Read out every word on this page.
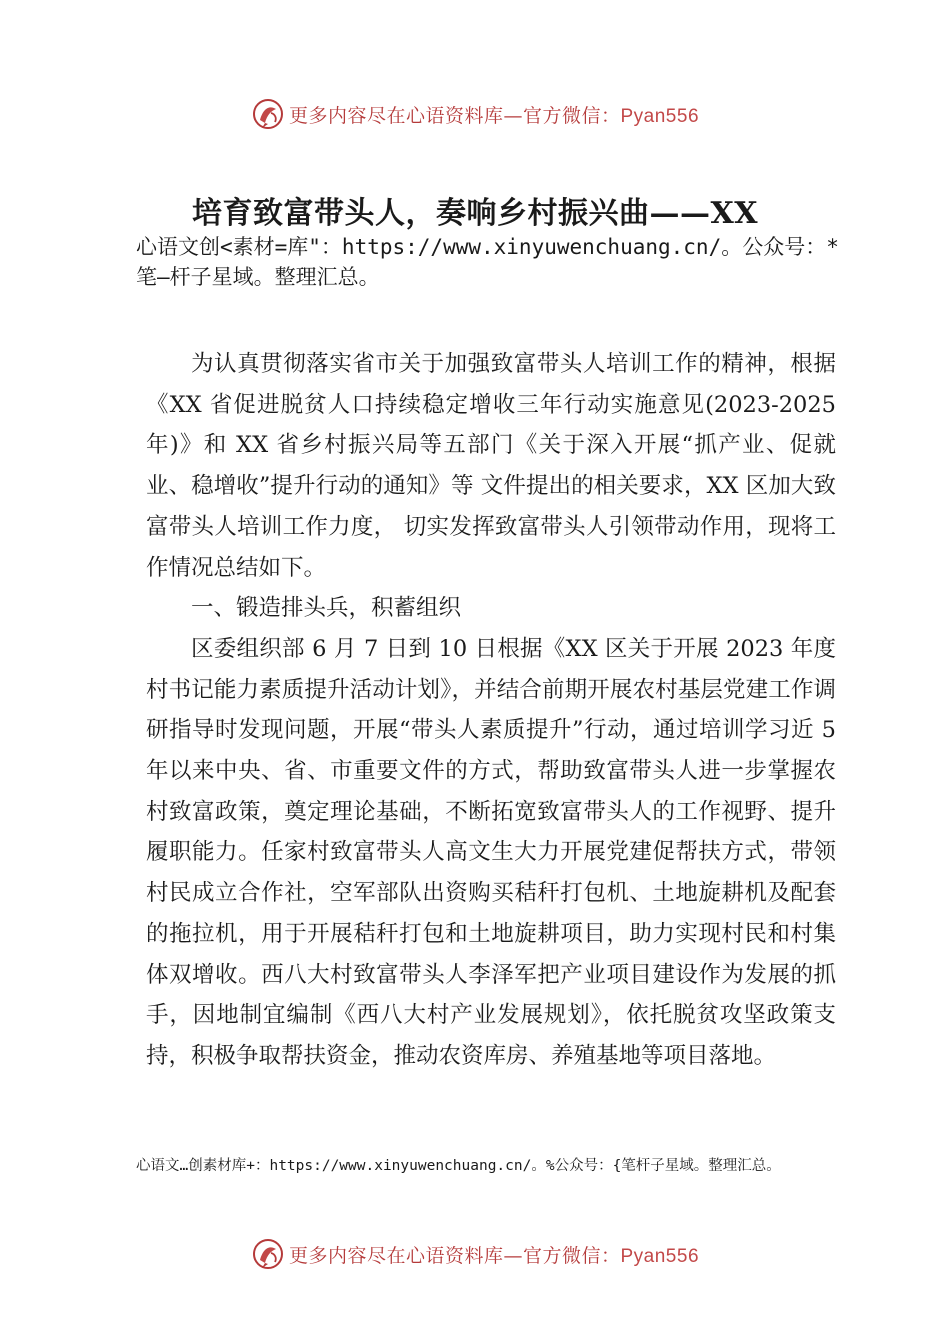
更多内容尽在心语资料库—官方微信：Pyan556
培育致富带头人，奏响乡村振兴曲——XX

心语文创<素材=库"：https://www.xinyuwenchuang.cn/。公众号：*笔—杆子星域。整理汇总。

为认真贯彻落实省市关于加强致富带头人培训工作的精神，根据《XX 省促进脱贫人口持续稳定增收三年行动实施意见(2023-2025 年)》和 XX 省乡村振兴局等五部门《关于深入开展“抓产业、促就业、稳增收”提升行动的通知》等 文件提出的相关要求，XX 区加大致富带头人培训工作力度， 切实发挥致富带头人引领带动作用，现将工作情况总结如下。

一、锻造排头兵，积蓄组织

区委组织部 6 月 7 日到 10 日根据《XX 区关于开展 2023 年度村书记能力素质提升活动计划》，并结合前期开展农村基层党建工作调研指导时发现问题，开展“带头人素质提升”行动，通过培训学习近 5 年以来中央、省、市重要文件的方式，帮助致富带头人进一步掌握农村致富政策，奠定理论基础，不断拓宽致富带头人的工作视野、提升履职能力。任家村致富带头人高文生大力开展党建促帮扶方式，带领村民成立合作社，空军部队出资购买秸秆打包机、土地旋耕机及配套的拖拉机，用于开展秸秆打包和土地旋耕项目，助力实现村民和村集体双增收。西八大村致富带头人李泽军把产业项目建设作为发展的抓手，因地制宜编制《西八大村产业发展规划》，依托脱贫攻坚政策支持，积极争取帮扶资金，推动农资库房、养殖基地等项目落地。

心语文…创素材库+：https://www.xinyuwenchuang.cn/。%公众号：{笔杆子星域。整理汇总。

更多内容尽在心语资料库—官方微信：Pyan556
